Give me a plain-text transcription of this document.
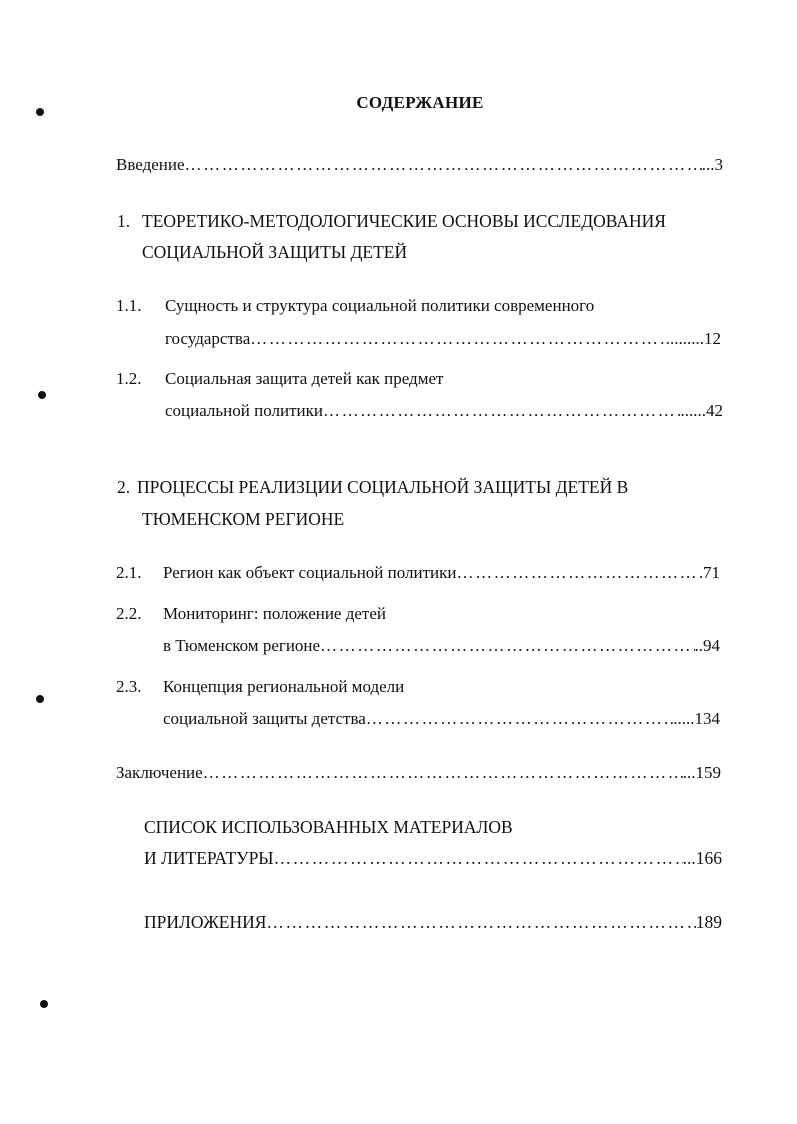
СОДЕРЖАНИЕ
Введение …………………………………………………………………………………………………………………………………………………	...3
1. ТЕОРЕТИКО-МЕТОДОЛОГИЧЕСКИЕ ОСНОВЫ ИССЛЕДОВАНИЯ
СОЦИАЛЬНОЙ ЗАЩИТЫ ДЕТЕЙ
1.1. Сущность и структура социальной политики современного
государства …………………………………………………………………………………………………………………………………………………	.........12
1.2. Социальная защита детей как предмет
социальной политики …………………………………………………………………………………………………………………………………………………	......42
2. ПРОЦЕССЫ РЕАЛИЗЦИИ СОЦИАЛЬНОЙ ЗАЩИТЫ ДЕТЕЙ В
ТЮМЕНСКОМ РЕГИОНЕ
2.1. Регион как объект социальной политики …………………………………………………………………………………………………………………………………………………	71
2.2. Мониторинг: положение детей
в Тюменском регионе …………………………………………………………………………………………………………………………………………………	..94
2.3. Концепция региональной модели
социальной защиты детства …………………………………………………………………………………………………………………………………………………	.....134
Заключение …………………………………………………………………………………………………………………………………………………	...159
СПИСОК ИСПОЛЬЗОВАННЫХ МАТЕРИАЛОВ
И ЛИТЕРАТУРЫ …………………………………………………………………………………………………………………………………………………	...166
ПРИЛОЖЕНИЯ …………………………………………………………………………………………………………………………………………………	189
